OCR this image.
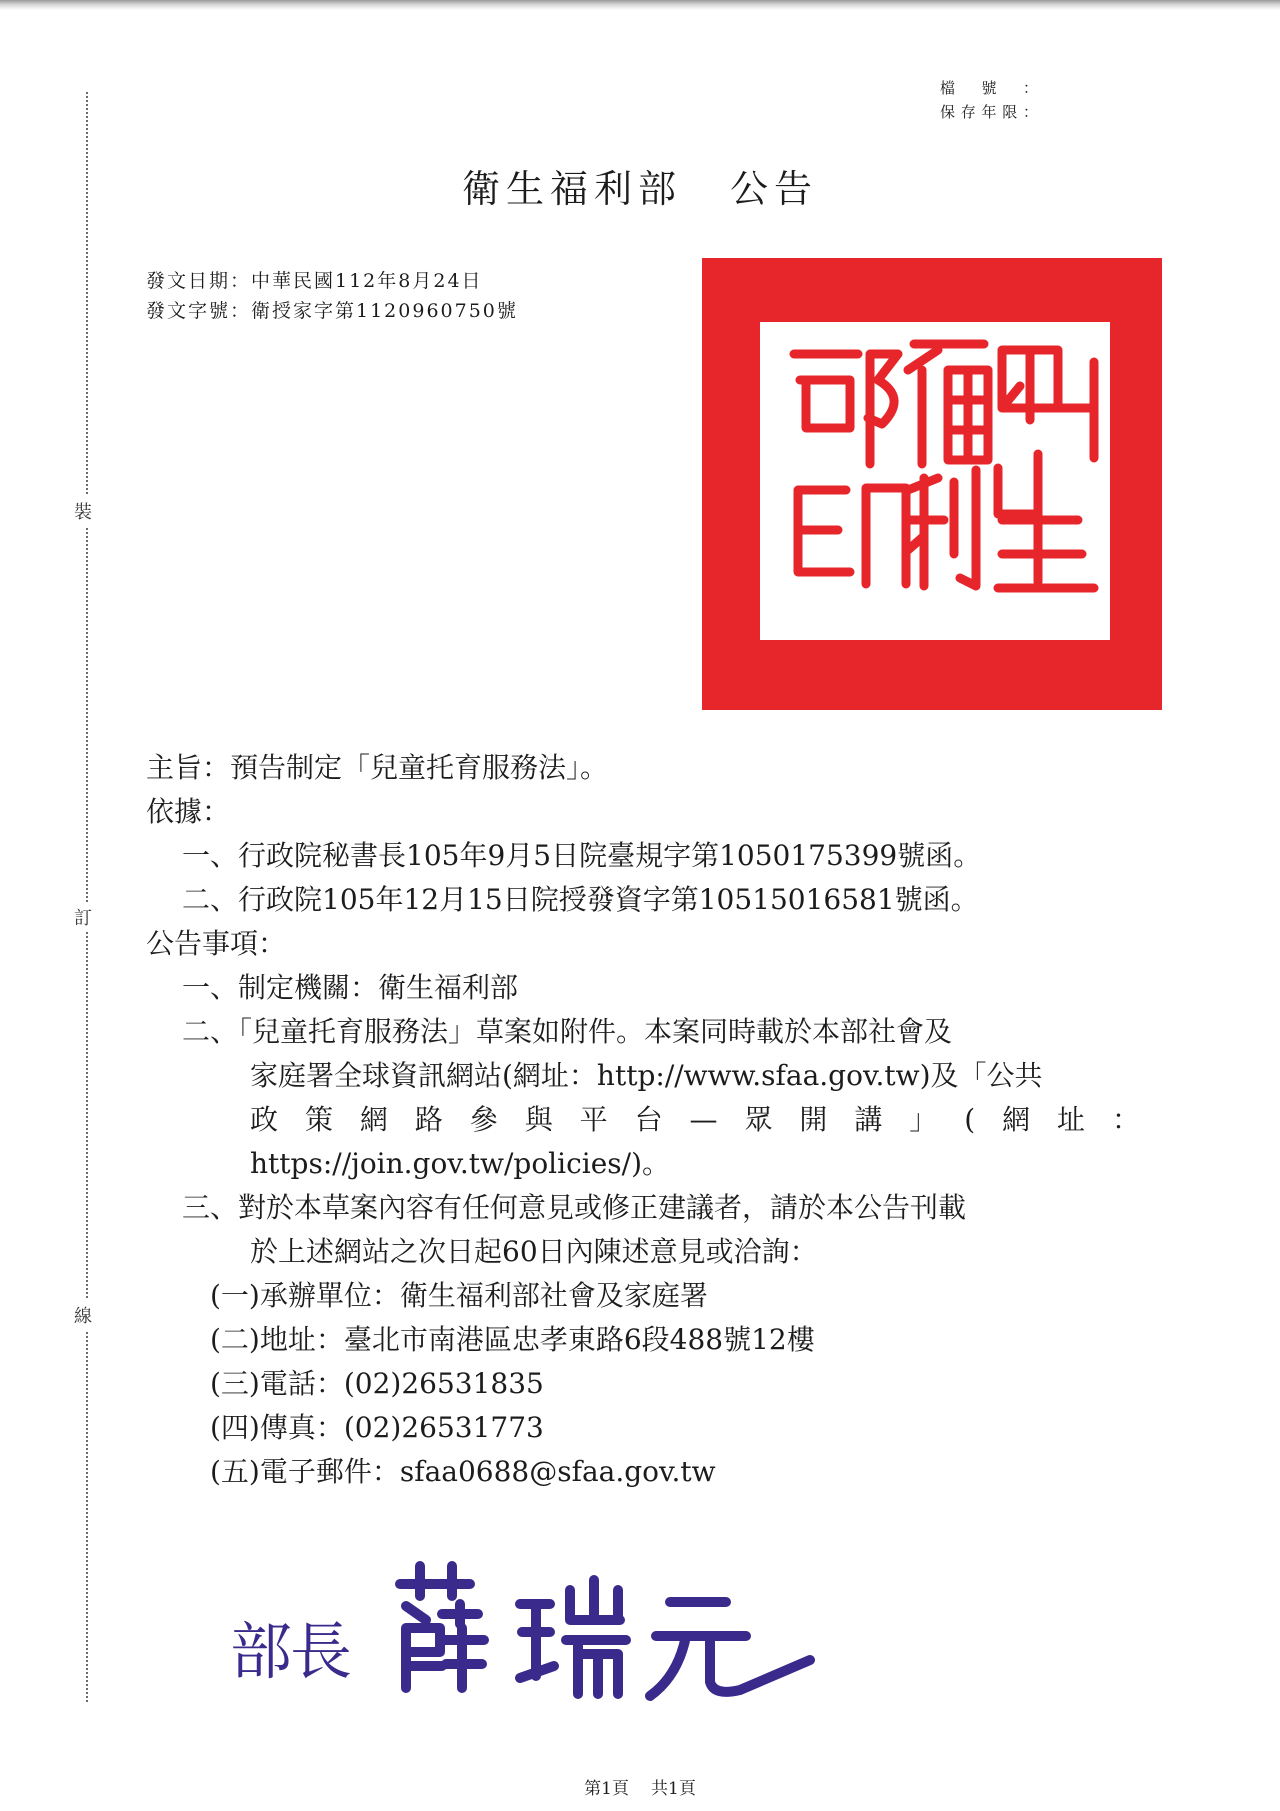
裝
訂
線
檔號：
保存年限：
衛生福利部 公告
發文日期：中華民國112年8月24日
發文字號：衛授家字第1120960750號

主旨：預告制定「兒童托育服務法」。

依據：

一、行政院秘書長105年9月5日院臺規字第1050175399號函。

二、行政院105年12月15日院授發資字第10515016581號函。

公告事項：

一、制定機關：衛生福利部

二、「兒童托育服務法」草案如附件。本案同時載於本部社會及

家庭署全球資訊網站(網址：http://www.sfaa.gov.tw)及「公共

政策網路參與平台—眾開講」(網址：

https://join.gov.tw/policies/)。

三、對於本草案內容有任何意見或修正建議者，請於本公告刊載

於上述網站之次日起60日內陳述意見或洽詢：

(一)承辦單位：衛生福利部社會及家庭署

(二)地址：臺北市南港區忠孝東路6段488號12樓

(三)電話：(02)26531835

(四)傳真：(02)26531773

(五)電子郵件：sfaa0688@sfaa.gov.tw

部長
第1頁 共1頁
